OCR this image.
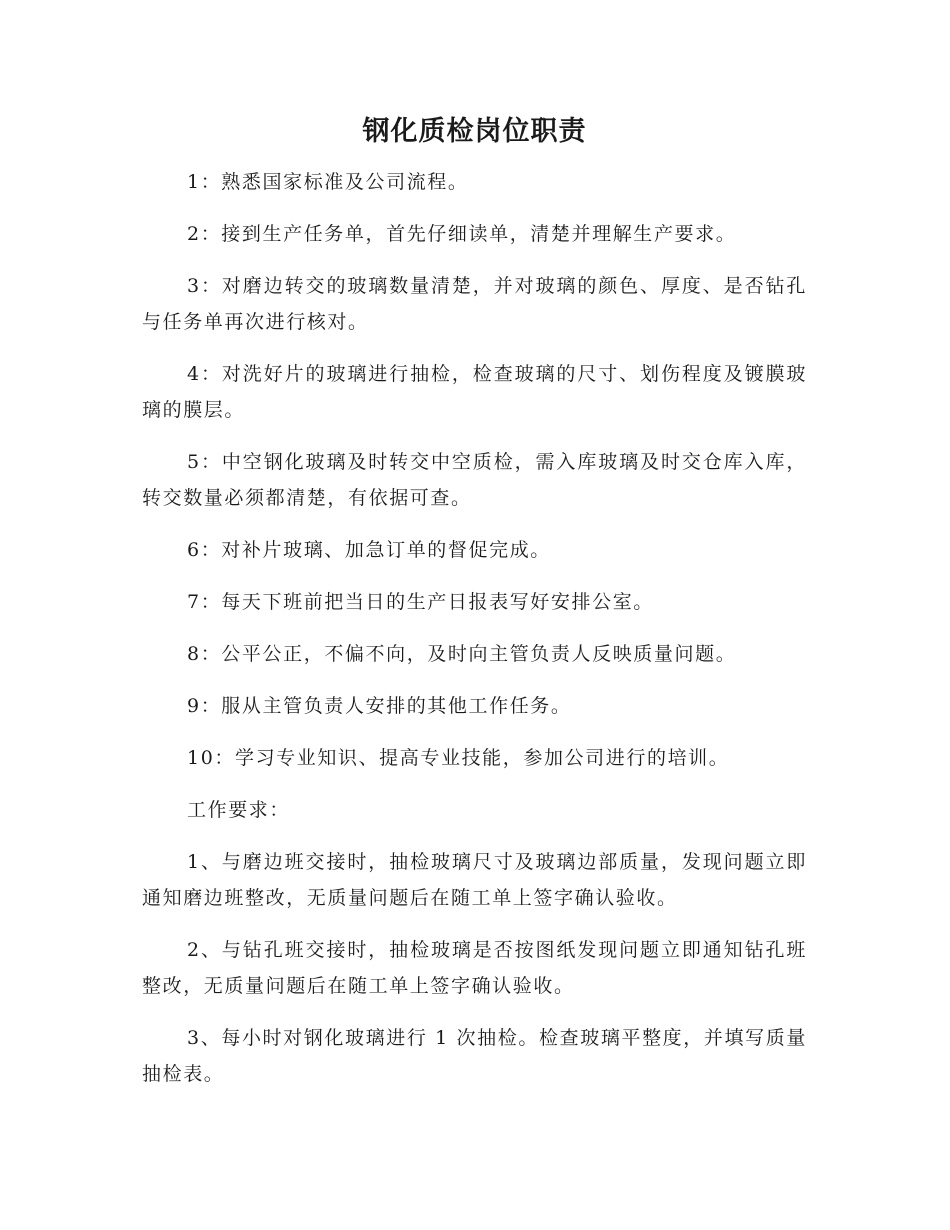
钢化质检岗位职责

1：熟悉国家标准及公司流程。

2：接到生产任务单，首先仔细读单，清楚并理解生产要求。

3：对磨边转交的玻璃数量清楚，并对玻璃的颜色、厚度、是否钻孔与任务单再次进行核对。

4：对洗好片的玻璃进行抽检，检查玻璃的尺寸、划伤程度及镀膜玻璃的膜层。

5：中空钢化玻璃及时转交中空质检，需入库玻璃及时交仓库入库，转交数量必须都清楚，有依据可查。

6：对补片玻璃、加急订单的督促完成。

7：每天下班前把当日的生产日报表写好安排公室。

8：公平公正，不偏不向，及时向主管负责人反映质量问题。

9：服从主管负责人安排的其他工作任务。

10：学习专业知识、提高专业技能，参加公司进行的培训。

工作要求：

1、与磨边班交接时，抽检玻璃尺寸及玻璃边部质量，发现问题立即通知磨边班整改，无质量问题后在随工单上签字确认验收。

2、与钻孔班交接时，抽检玻璃是否按图纸发现问题立即通知钻孔班整改，无质量问题后在随工单上签字确认验收。

3、每小时对钢化玻璃进行 1 次抽检。检查玻璃平整度，并填写质量抽检表。
